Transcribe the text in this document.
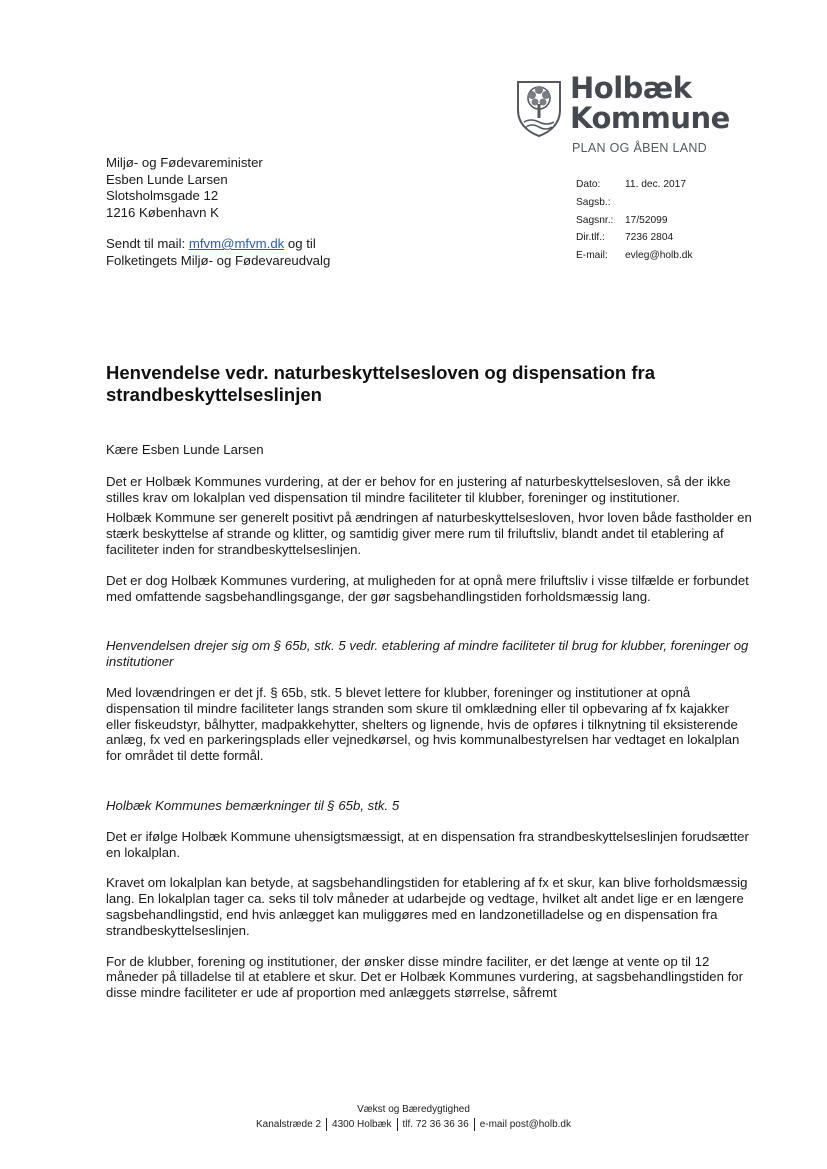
Holbæk
Kommune
PLAN OG ÅBEN LAND
Miljø- og Fødevareminister
Esben Lunde Larsen
Slotsholmsgade 12
1216 København K
Sendt til mail: mfvm@mfvm.dk og til
Folketingets Miljø- og Fødevareudvalg
Dato:	11. dec. 2017
Sagsb.:
Sagsnr.:	17/52099
Dir.tlf.:	7236 2804
E-mail:	evleg@holb.dk
Henvendelse vedr. naturbeskyttelsesloven og dispensation fra strandbeskyttelseslinjen

Kære Esben Lunde Larsen

Det er Holbæk Kommunes vurdering, at der er behov for en justering af naturbeskyttelsesloven, så der ikke stilles krav om lokalplan ved dispensation til mindre faciliteter til klubber, foreninger og institutioner.

Holbæk Kommune ser generelt positivt på ændringen af naturbeskyttelsesloven, hvor loven både fastholder en stærk beskyttelse af strande og klitter, og samtidig giver mere rum til friluftsliv, blandt andet til etablering af faciliteter inden for strandbeskyttelseslinjen.

Det er dog Holbæk Kommunes vurdering, at muligheden for at opnå mere friluftsliv i visse tilfælde er forbundet med omfattende sagsbehandlingsgange, der gør sagsbehandlingstiden forholdsmæssig lang.

Henvendelsen drejer sig om § 65b, stk. 5 vedr. etablering af mindre faciliteter til brug for klubber, foreninger og institutioner

Med lovændringen er det jf. § 65b, stk. 5 blevet lettere for klubber, foreninger og institutioner at opnå dispensation til mindre faciliteter langs stranden som skure til omklædning eller til opbevaring af fx kajakker eller fiskeudstyr, bålhytter, madpakkehytter, shelters og lignende, hvis de opføres i tilknytning til eksisterende anlæg, fx ved en parkeringsplads eller vejnedkørsel, og hvis kommunalbestyrelsen har vedtaget en lokalplan for området til dette formål.

Holbæk Kommunes bemærkninger til § 65b, stk. 5

Det er ifølge Holbæk Kommune uhensigtsmæssigt, at en dispensation fra strandbeskyttelseslinjen forudsætter en lokalplan.

Kravet om lokalplan kan betyde, at sagsbehandlingstiden for etablering af fx et skur, kan blive forholdsmæssig lang. En lokalplan tager ca. seks til tolv måneder at udarbejde og vedtage, hvilket alt andet lige er en længere sagsbehandlingstid, end hvis anlægget kan muliggøres med en landzonetilladelse og en dispensation fra strandbeskyttelseslinjen.

For de klubber, forening og institutioner, der ønsker disse mindre faciliter, er det længe at vente op til 12 måneder på tilladelse til at etablere et skur. Det er Holbæk Kommunes vurdering, at sagsbehandlingstiden for disse mindre faciliteter er ude af proportion med anlæggets størrelse, såfremt

Vækst og Bæredygtighed
Kanalstræde 2 4300 Holbæk tlf. 72 36 36 36 e-mail post@holb.dk
